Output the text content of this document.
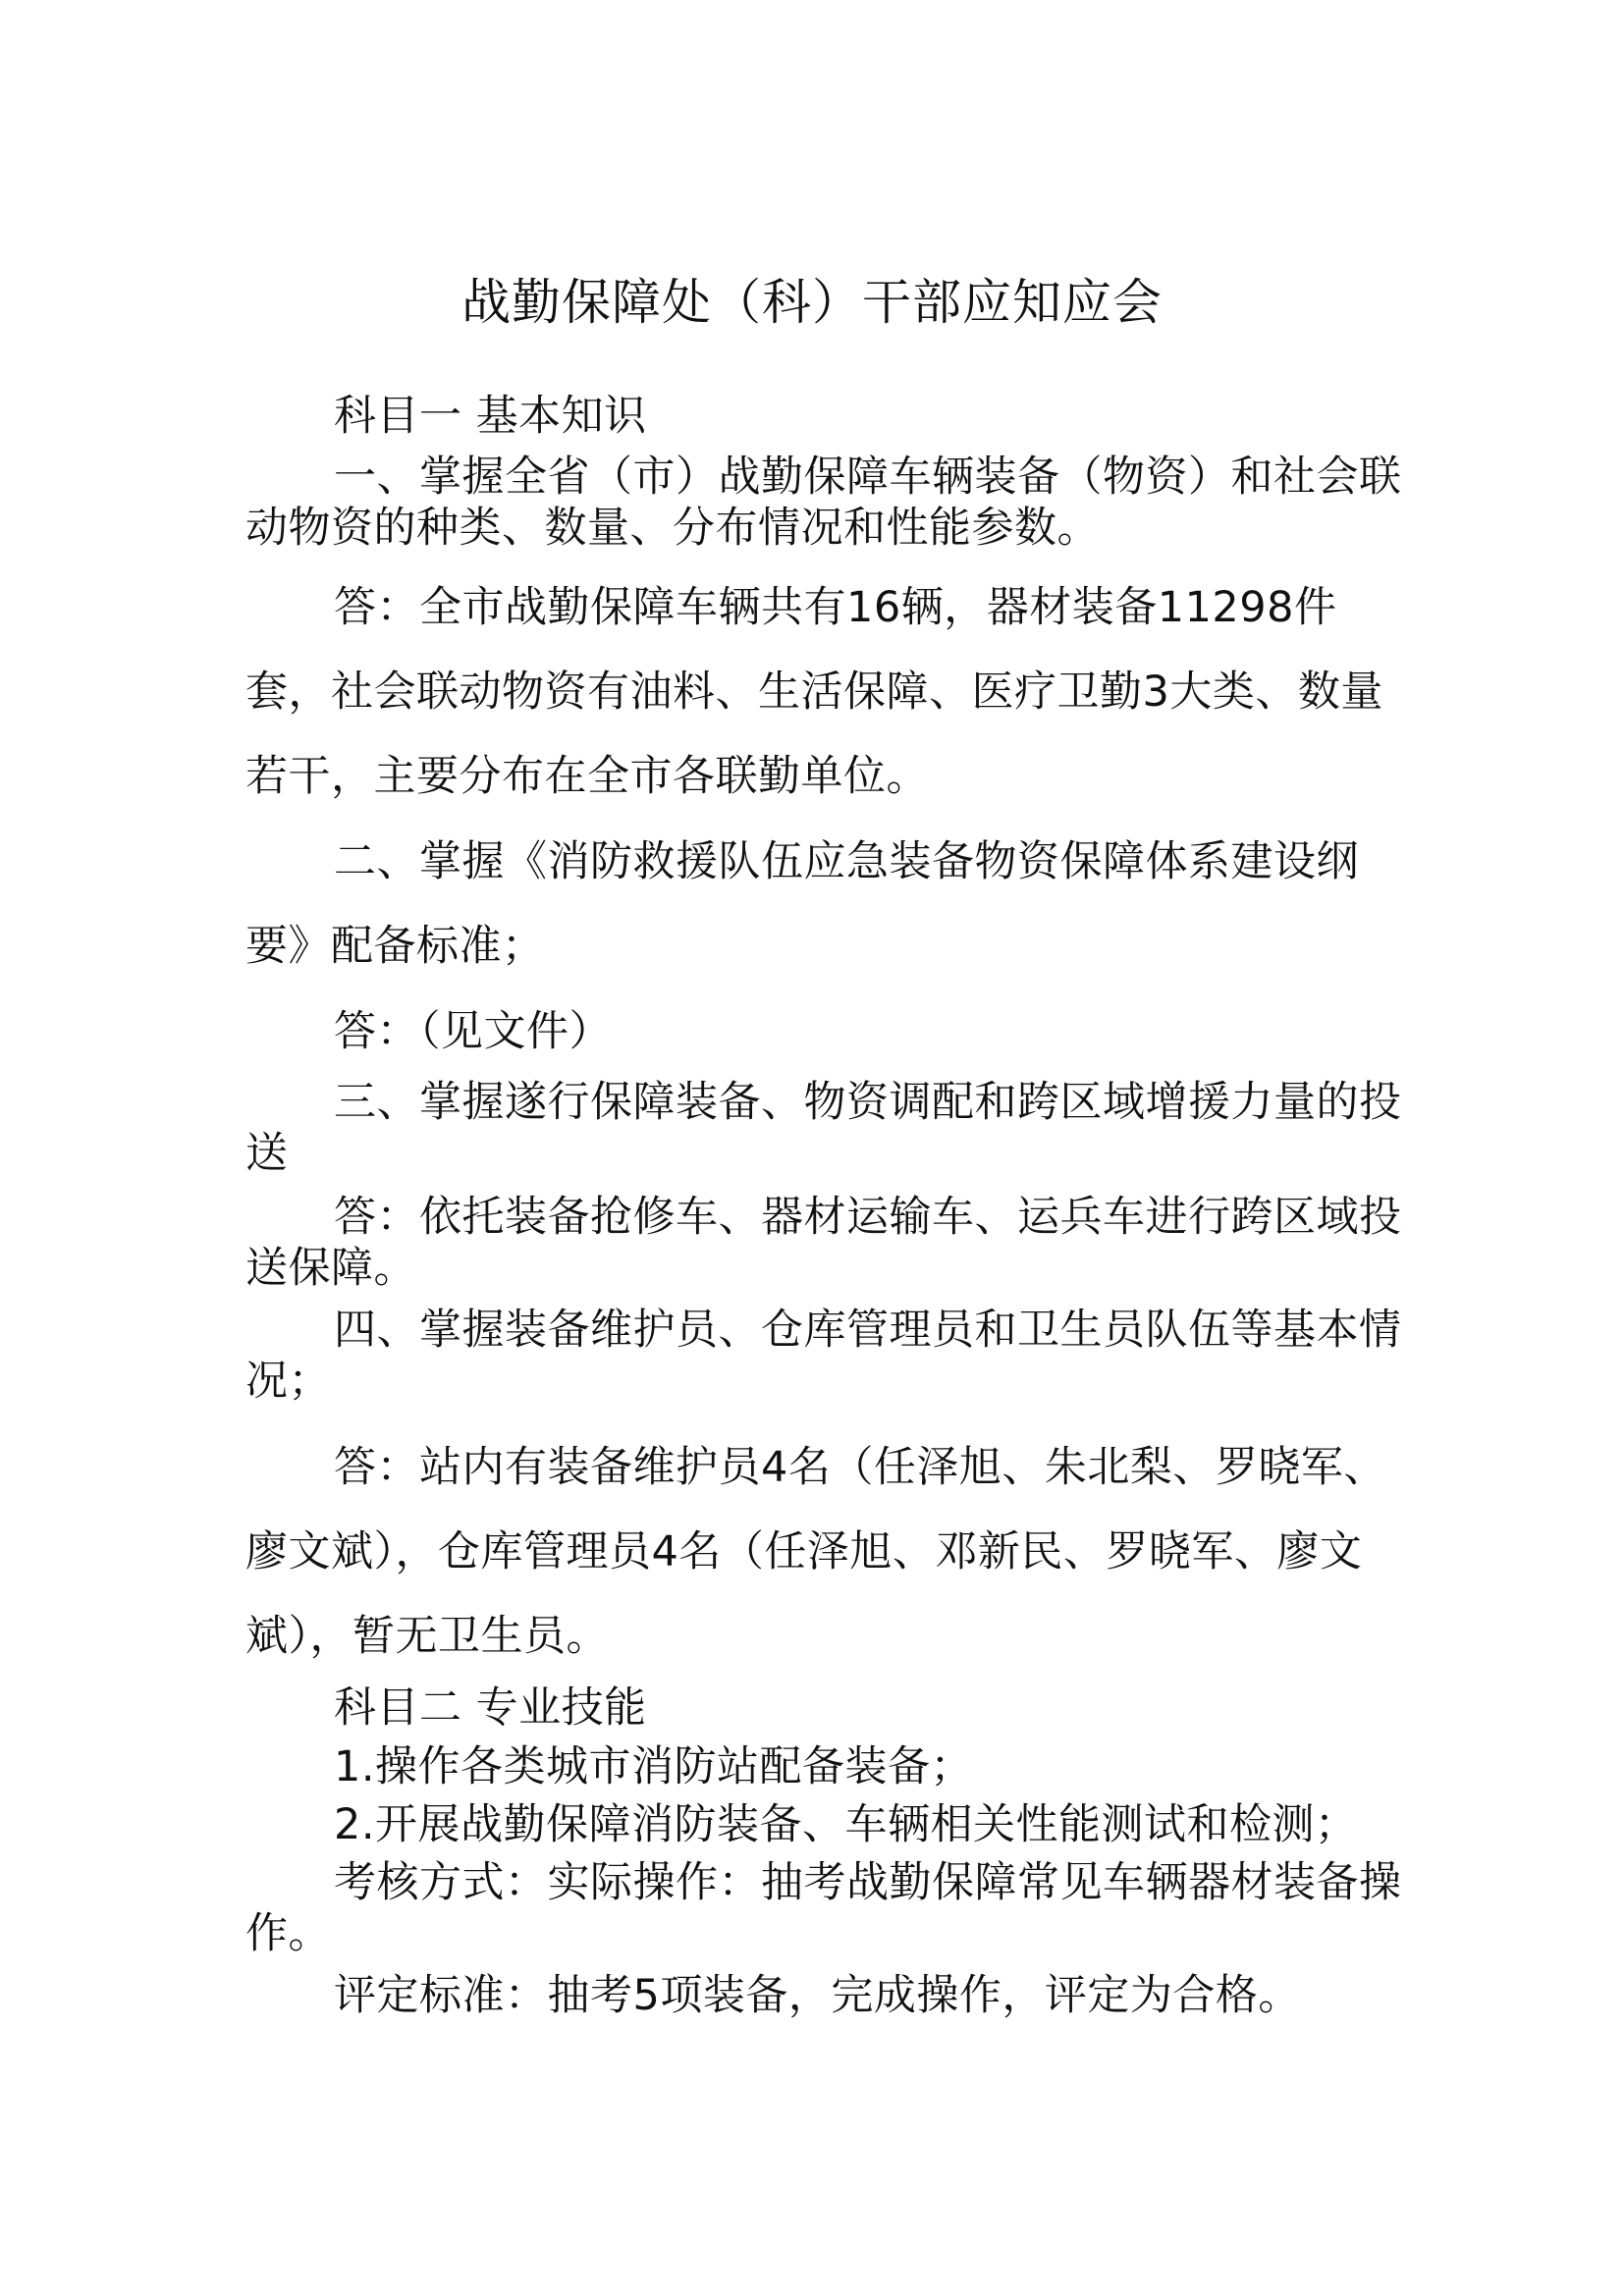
战勤保障处（科）干部应知应会

科目一 基本知识

一、掌握全省（市）战勤保障车辆装备（物资）和社会联动物资的种类、数量、分布情况和性能参数。

答：全市战勤保障车辆共有16辆，器材装备11298件套，社会联动物资有油料、生活保障、医疗卫勤3大类、数量若干，主要分布在全市各联勤单位。

二、掌握《消防救援队伍应急装备物资保障体系建设纲要》配备标准；

答：（见文件）

三、掌握遂行保障装备、物资调配和跨区域增援力量的投送

答：依托装备抢修车、器材运输车、运兵车进行跨区域投送保障。

四、掌握装备维护员、仓库管理员和卫生员队伍等基本情况；

答：站内有装备维护员4名（任泽旭、朱北梨、罗晓军、廖文斌），仓库管理员4名（任泽旭、邓新民、罗晓军、廖文斌），暂无卫生员。

科目二 专业技能

1.操作各类城市消防站配备装备；

2.开展战勤保障消防装备、车辆相关性能测试和检测；

考核方式：实际操作：抽考战勤保障常见车辆器材装备操作。

评定标准：抽考5项装备，完成操作，评定为合格。
